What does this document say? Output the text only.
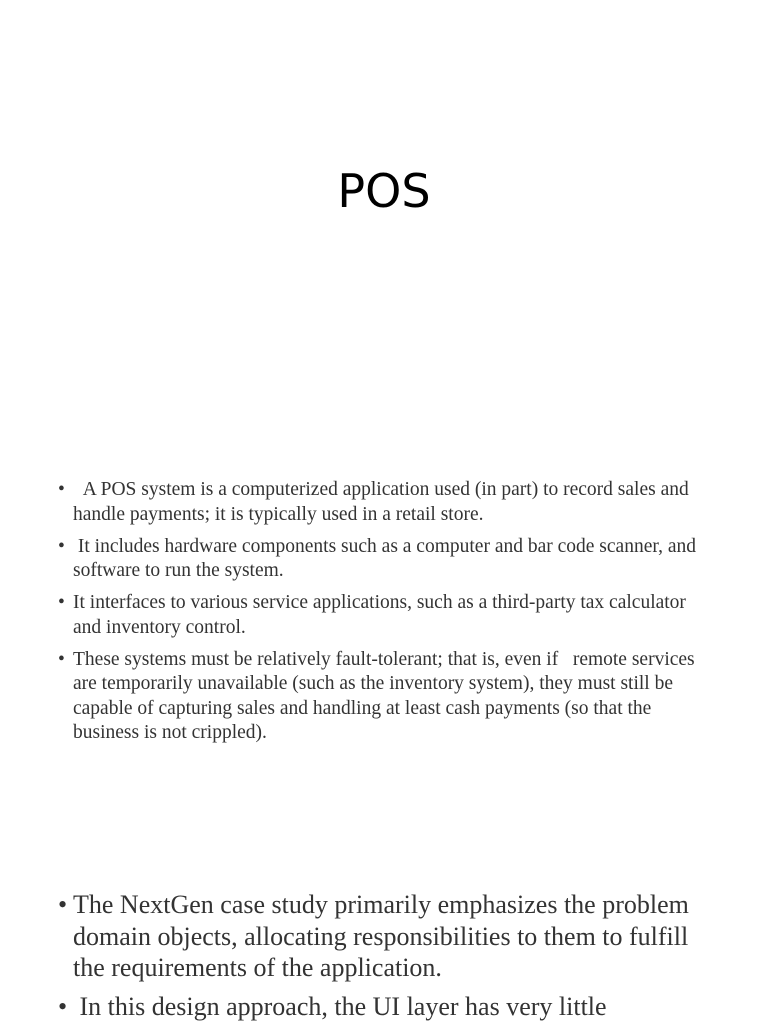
POS
• A POS system is a computerized application used (in part) to record sales and handle payments; it is typically used in a retail store.
• It includes hardware components such as a computer and bar code scanner, and software to run the system.
• It interfaces to various service applications, such as a third-party tax calculator and inventory control.
• These systems must be relatively fault-tolerant; that is, even if   remote services are temporarily unavailable (such as the inventory system), they must still be capable of capturing sales and handling at least cash payments (so that the business is not crippled).
• The NextGen case study primarily emphasizes the problem domain objects, allocating responsibilities to them to fulfill the requirements of the application.
• In this design approach, the UI layer has very little
